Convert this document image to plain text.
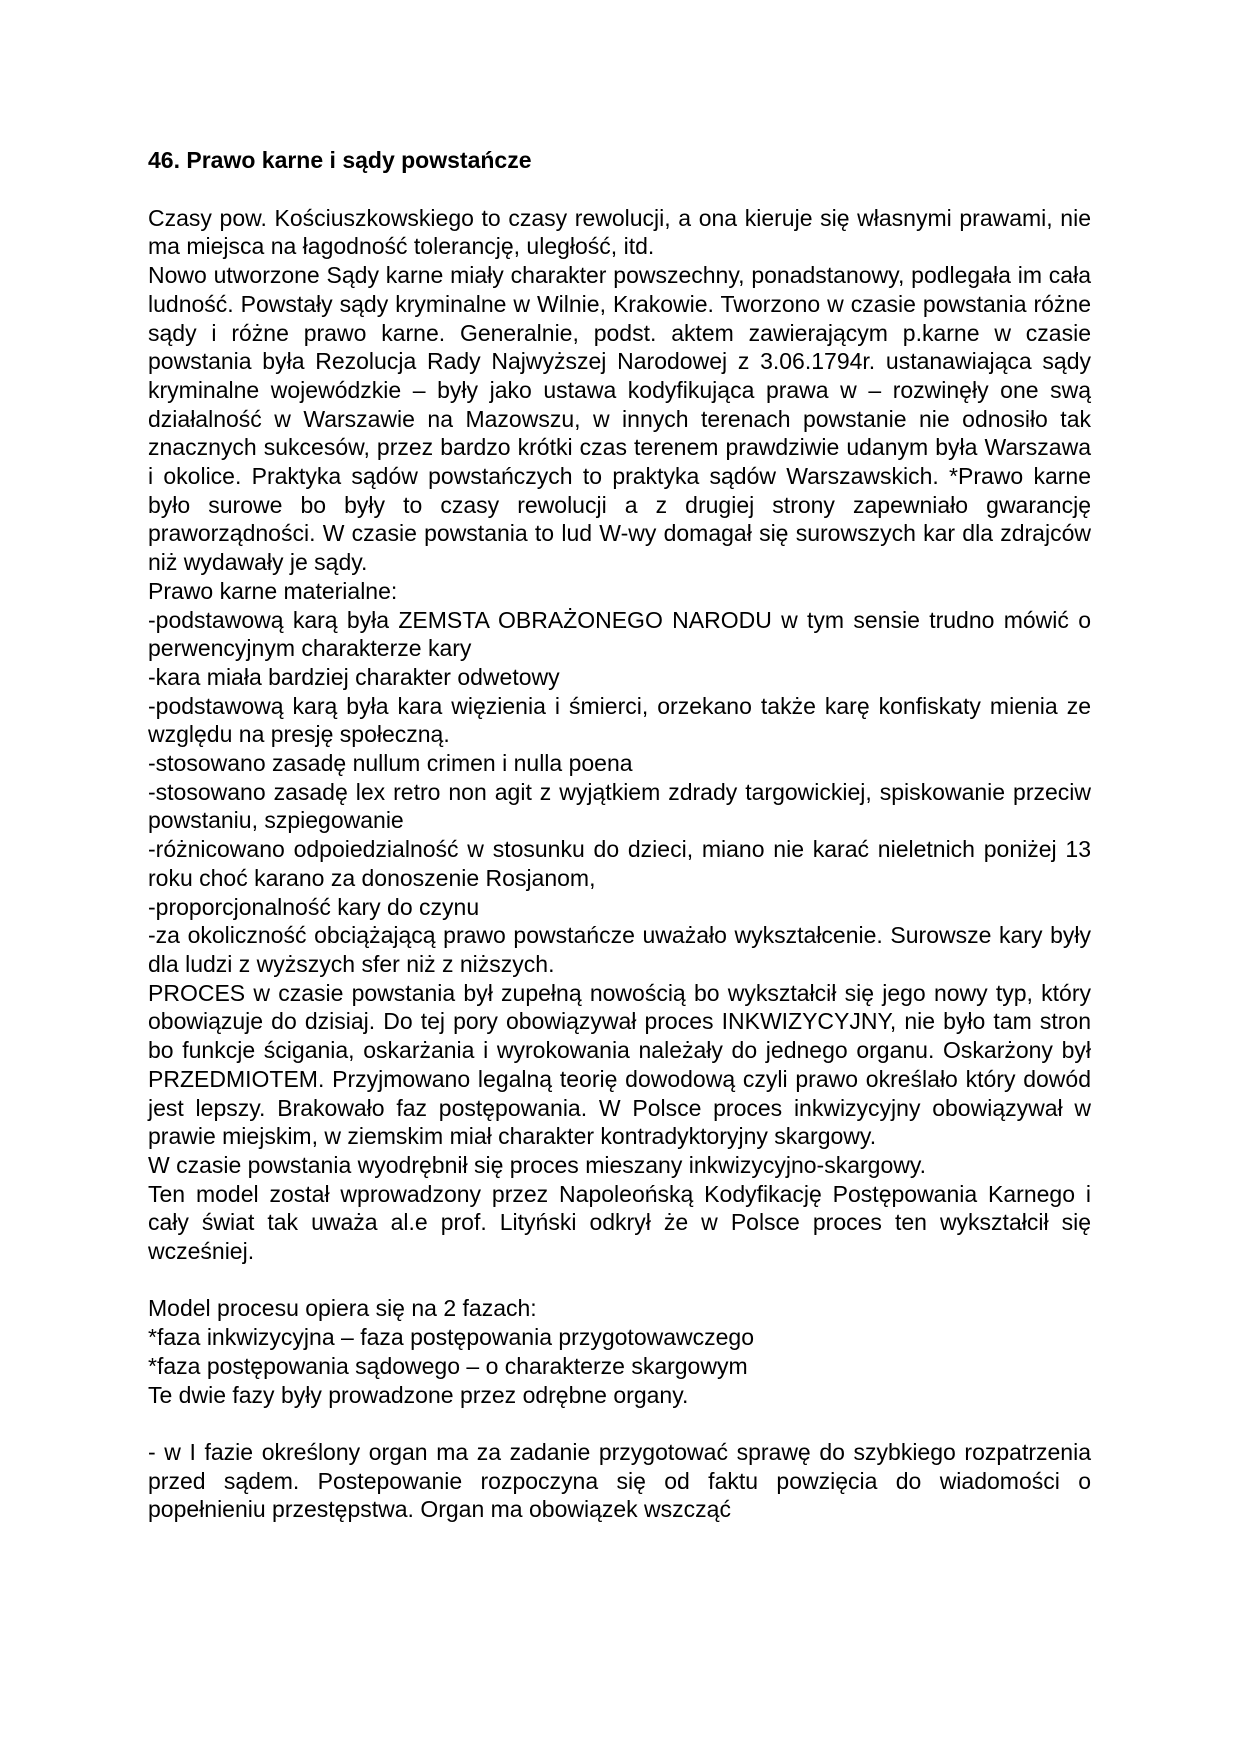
46. Prawo karne i sądy powstańcze

Czasy pow. Kościuszkowskiego to czasy rewolucji, a ona kieruje się własnymi prawami, nie ma miejsca na łagodność tolerancję, uległość, itd.

Nowo utworzone Sądy karne miały charakter powszechny, ponadstanowy, podlegała im cała ludność. Powstały sądy kryminalne w Wilnie, Krakowie. Tworzono w czasie powstania różne sądy i różne prawo karne. Generalnie, podst. aktem zawierającym p.karne w czasie powstania była Rezolucja Rady Najwyższej Narodowej z 3.06.1794r. ustanawiająca sądy kryminalne wojewódzkie – były jako ustawa kodyfikująca prawa w – rozwinęły one swą działalność w Warszawie na Mazowszu, w innych terenach powstanie nie odnosiło tak znacznych sukcesów, przez bardzo krótki czas terenem prawdziwie udanym była Warszawa i okolice. Praktyka sądów powstańczych to praktyka sądów Warszawskich. *Prawo karne było surowe bo były to czasy rewolucji a z drugiej strony zapewniało gwarancję praworządności. W czasie powstania to lud W-wy domagał się surowszych kar dla zdrajców niż wydawały je sądy.

Prawo karne materialne:

-podstawową karą była ZEMSTA OBRAŻONEGO NARODU w tym sensie trudno mówić o perwencyjnym charakterze kary

-kara miała bardziej charakter odwetowy

-podstawową karą była kara więzienia i śmierci, orzekano także karę konfiskaty mienia ze względu na presję społeczną.

-stosowano zasadę nullum crimen i nulla poena

-stosowano zasadę lex retro non agit z wyjątkiem zdrady targowickiej, spiskowanie przeciw powstaniu, szpiegowanie

-różnicowano odpoiedzialność w stosunku do dzieci, miano nie karać nieletnich poniżej 13 roku choć karano za donoszenie Rosjanom,

-proporcjonalność kary do czynu

-za okoliczność obciążającą prawo powstańcze uważało wykształcenie. Surowsze kary były dla ludzi z wyższych sfer niż z niższych.

PROCES w czasie powstania był zupełną nowością bo wykształcił się jego nowy typ, który obowiązuje do dzisiaj. Do tej pory obowiązywał proces INKWIZYCYJNY, nie było tam stron bo funkcje ścigania, oskarżania i wyrokowania należały do jednego organu. Oskarżony był PRZEDMIOTEM. Przyjmowano legalną teorię dowodową czyli prawo określało który dowód jest lepszy. Brakowało faz postępowania. W Polsce proces inkwizycyjny obowiązywał w prawie miejskim, w ziemskim miał charakter kontradyktoryjny skargowy.

W czasie powstania wyodrębnił się proces mieszany inkwizycyjno-skargowy.

Ten model został wprowadzony przez Napoleońską Kodyfikację Postępowania Karnego i cały świat tak uważa al.e prof. Lityński odkrył że w Polsce proces ten wykształcił się wcześniej.

Model procesu opiera się na 2 fazach:

*faza inkwizycyjna – faza postępowania przygotowawczego

*faza postępowania sądowego – o charakterze skargowym

Te dwie fazy były prowadzone przez odrębne organy.

- w I fazie określony organ ma za zadanie przygotować sprawę do szybkiego rozpatrzenia przed sądem. Postepowanie rozpoczyna się od faktu powzięcia do wiadomości o popełnieniu przestępstwa. Organ ma obowiązek wszcząć
